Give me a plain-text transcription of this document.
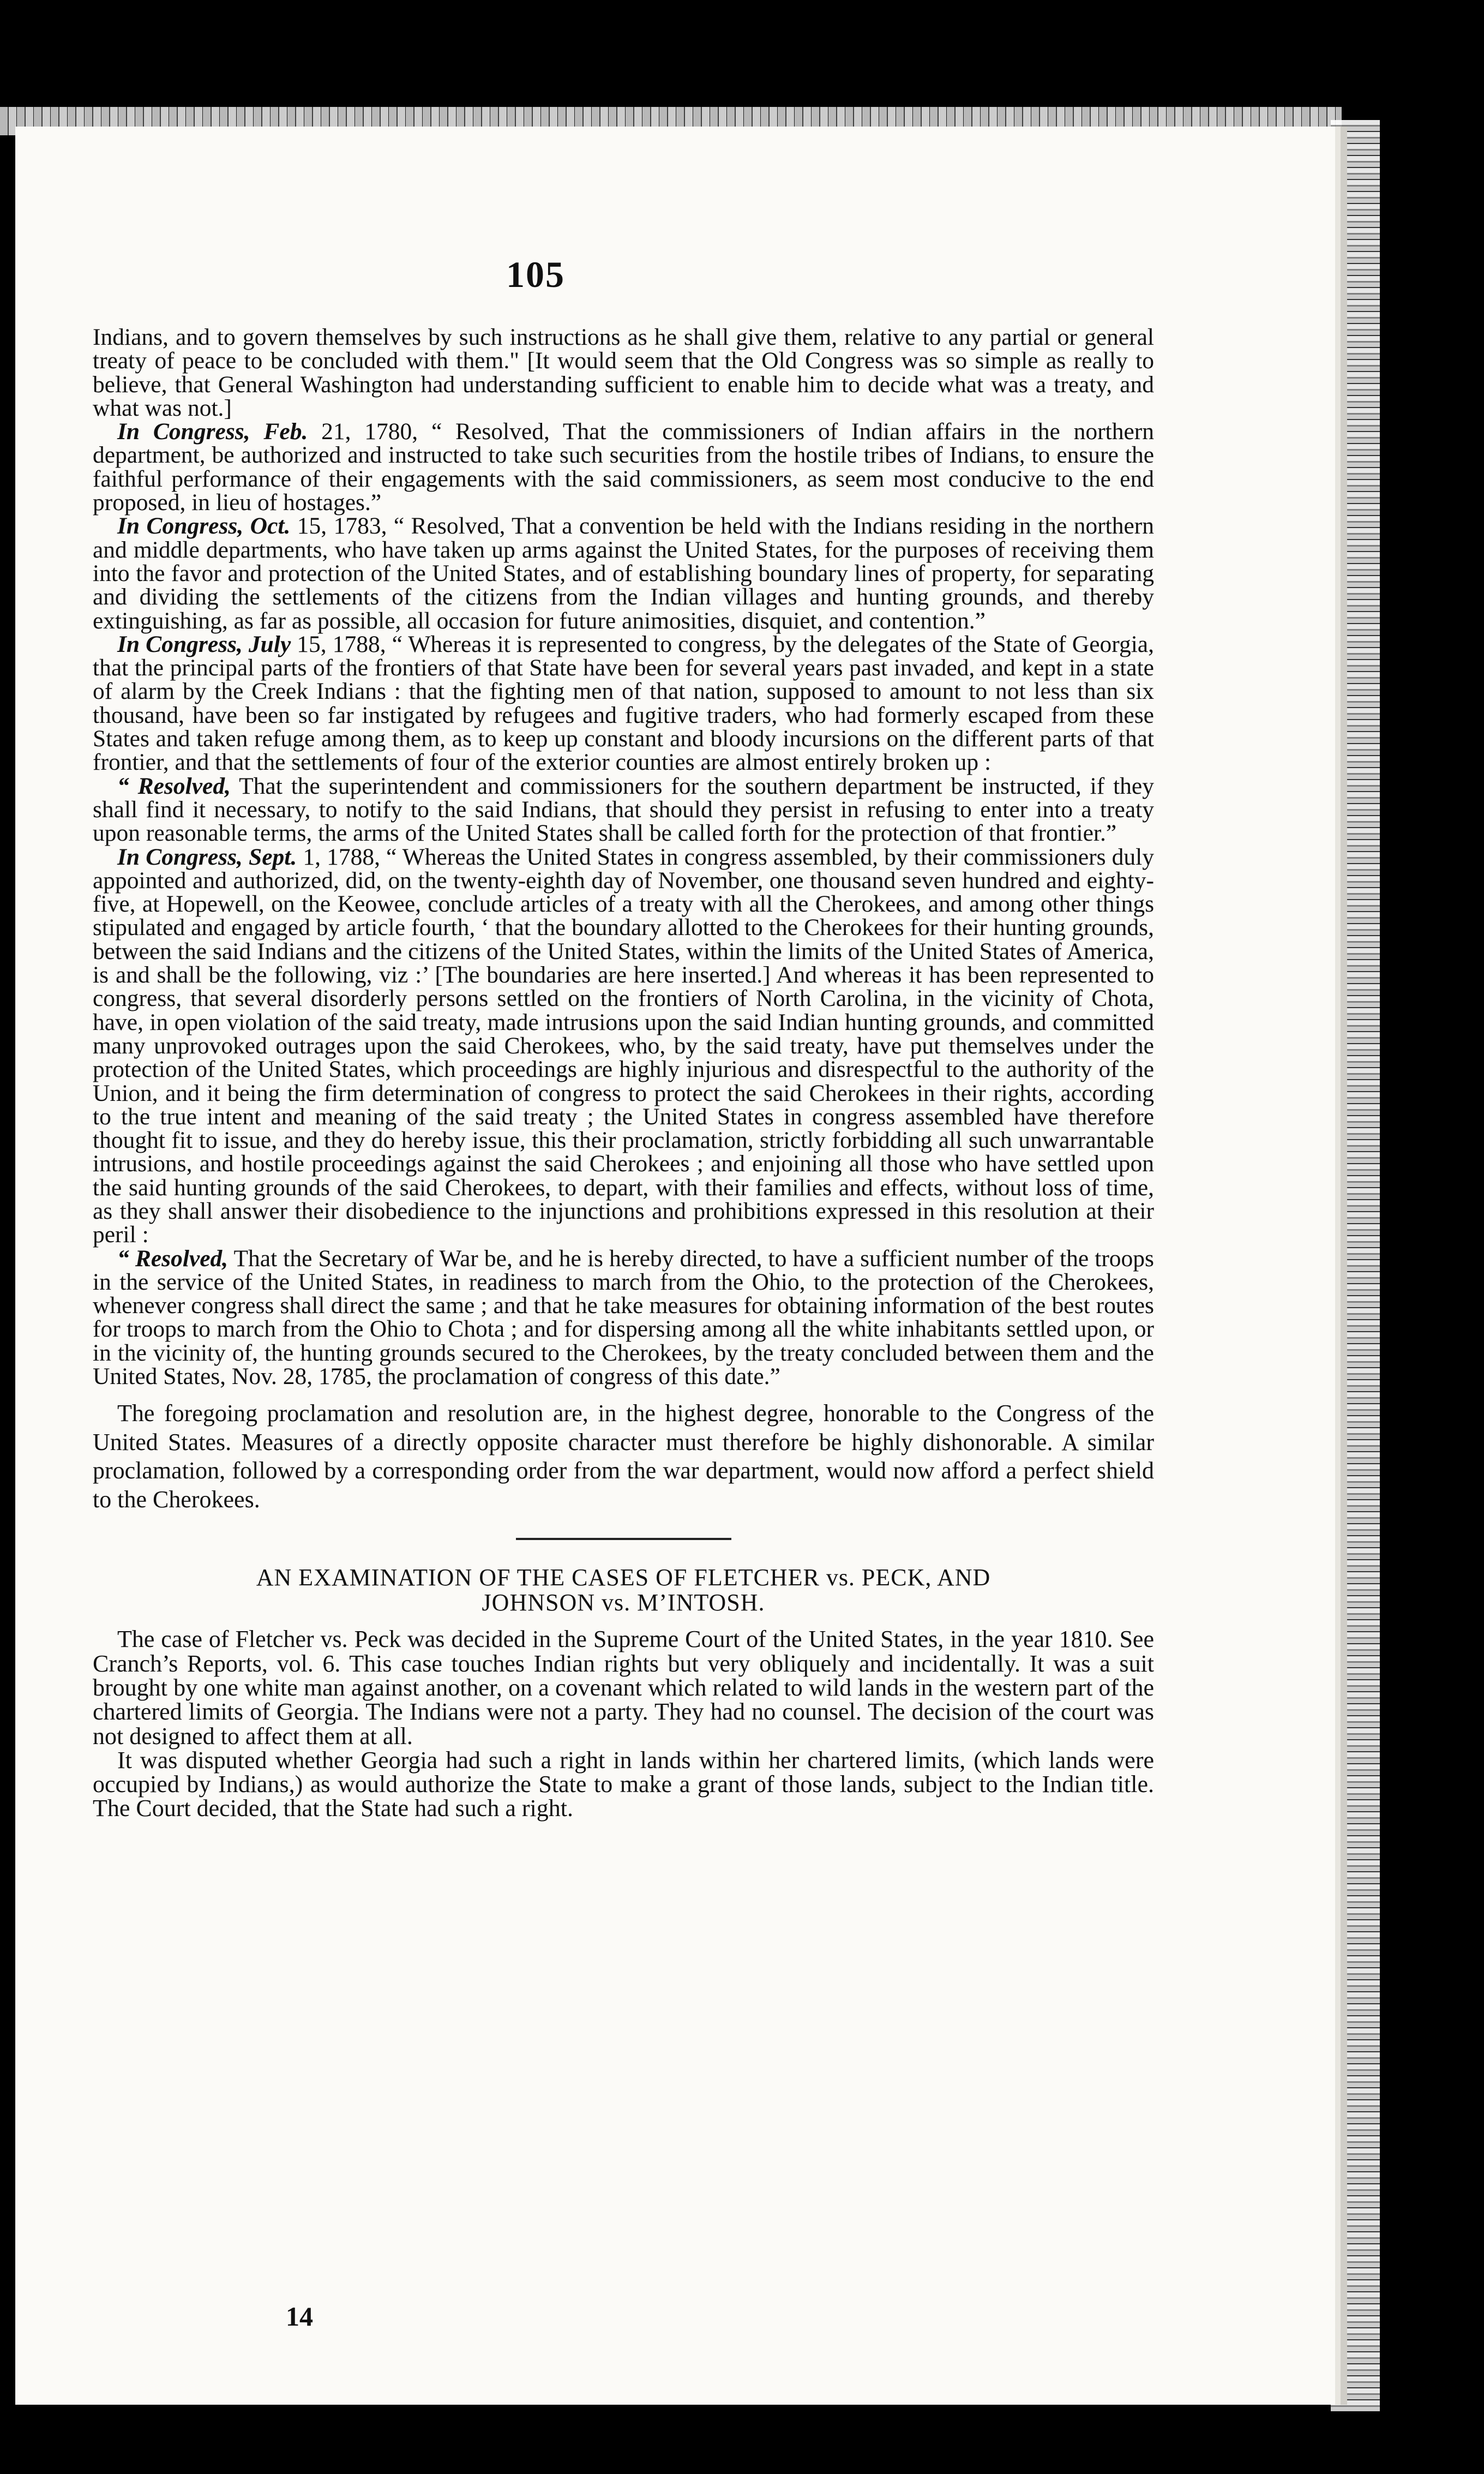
105

Indians, and to govern themselves by such instructions as he shall give them, relative to any partial or general treaty of peace to be concluded with them." [It would seem that the Old Congress was so simple as really to believe, that General Washington had understanding sufficient to enable him to decide what was a treaty, and what was not.]

In Congress, Feb. 21, 1780, “ Resolved, That the commissioners of Indian affairs in the northern department, be authorized and instructed to take such securities from the hostile tribes of Indians, to ensure the faithful performance of their engagements with the said commissioners, as seem most conducive to the end proposed, in lieu of hostages.”

In Congress, Oct. 15, 1783, “ Resolved, That a convention be held with the Indians residing in the northern and middle departments, who have taken up arms against the United States, for the purposes of receiving them into the favor and protection of the United States, and of establishing boundary lines of property, for separating and dividing the settlements of the citizens from the Indian villages and hunting grounds, and thereby extinguishing, as far as possible, all occasion for future animosities, disquiet, and contention.”

In Congress, July 15, 1788, “ Whereas it is represented to congress, by the delegates of the State of Georgia, that the principal parts of the frontiers of that State have been for several years past invaded, and kept in a state of alarm by the Creek Indians : that the fighting men of that nation, supposed to amount to not less than six thousand, have been so far instigated by refugees and fugitive traders, who had formerly escaped from these States and taken refuge among them, as to keep up constant and bloody incursions on the different parts of that frontier, and that the settlements of four of the exterior counties are almost entirely broken up :

“ Resolved, That the superintendent and commissioners for the southern department be instructed, if they shall find it necessary, to notify to the said Indians, that should they persist in refusing to enter into a treaty upon reasonable terms, the arms of the United States shall be called forth for the protection of that frontier.”

In Congress, Sept. 1, 1788, “ Whereas the United States in congress assembled, by their commissioners duly appointed and authorized, did, on the twenty-eighth day of November, one thousand seven hundred and eighty-five, at Hopewell, on the Keowee, conclude articles of a treaty with all the Cherokees, and among other things stipulated and engaged by article fourth, ‘ that the boundary allotted to the Cherokees for their hunting grounds, between the said Indians and the citizens of the United States, within the limits of the United States of America, is and shall be the following, viz :’ [The boundaries are here inserted.] And whereas it has been represented to congress, that several disorderly persons settled on the frontiers of North Carolina, in the vicinity of Chota, have, in open violation of the said treaty, made intrusions upon the said Indian hunting grounds, and committed many unprovoked outrages upon the said Cherokees, who, by the said treaty, have put themselves under the protection of the United States, which proceedings are highly injurious and disrespectful to the authority of the Union, and it being the firm determination of congress to protect the said Cherokees in their rights, according to the true intent and meaning of the said treaty ; the United States in congress assembled have therefore thought fit to issue, and they do hereby issue, this their proclamation, strictly forbidding all such unwarrantable intrusions, and hostile proceedings against the said Cherokees ; and enjoining all those who have settled upon the said hunting grounds of the said Cherokees, to depart, with their families and effects, without loss of time, as they shall answer their disobedience to the injunctions and prohibitions expressed in this resolution at their peril :

“ Resolved, That the Secretary of War be, and he is hereby directed, to have a sufficient number of the troops in the service of the United States, in readiness to march from the Ohio, to the protection of the Cherokees, whenever congress shall direct the same ; and that he take measures for obtaining information of the best routes for troops to march from the Ohio to Chota ; and for dispersing among all the white inhabitants settled upon, or in the vicinity of, the hunting grounds secured to the Cherokees, by the treaty concluded between them and the United States, Nov. 28, 1785, the proclamation of congress of this date.”

The foregoing proclamation and resolution are, in the highest degree, honorable to the Congress of the United States. Measures of a directly opposite character must therefore be highly dishonorable. A similar proclamation, followed by a corresponding order from the war department, would now afford a perfect shield to the Cherokees.

AN EXAMINATION OF THE CASES OF FLETCHER vs. PECK, AND
JOHNSON vs. M’INTOSH.

The case of Fletcher vs. Peck was decided in the Supreme Court of the United States, in the year 1810. See Cranch’s Reports, vol. 6. This case touches Indian rights but very obliquely and incidentally. It was a suit brought by one white man against another, on a covenant which related to wild lands in the western part of the chartered limits of Georgia. The Indians were not a party. They had no counsel. The decision of the court was not designed to affect them at all.

It was disputed whether Georgia had such a right in lands within her chartered limits, (which lands were occupied by Indians,) as would authorize the State to make a grant of those lands, subject to the Indian title. The Court decided, that the State had such a right.

14
